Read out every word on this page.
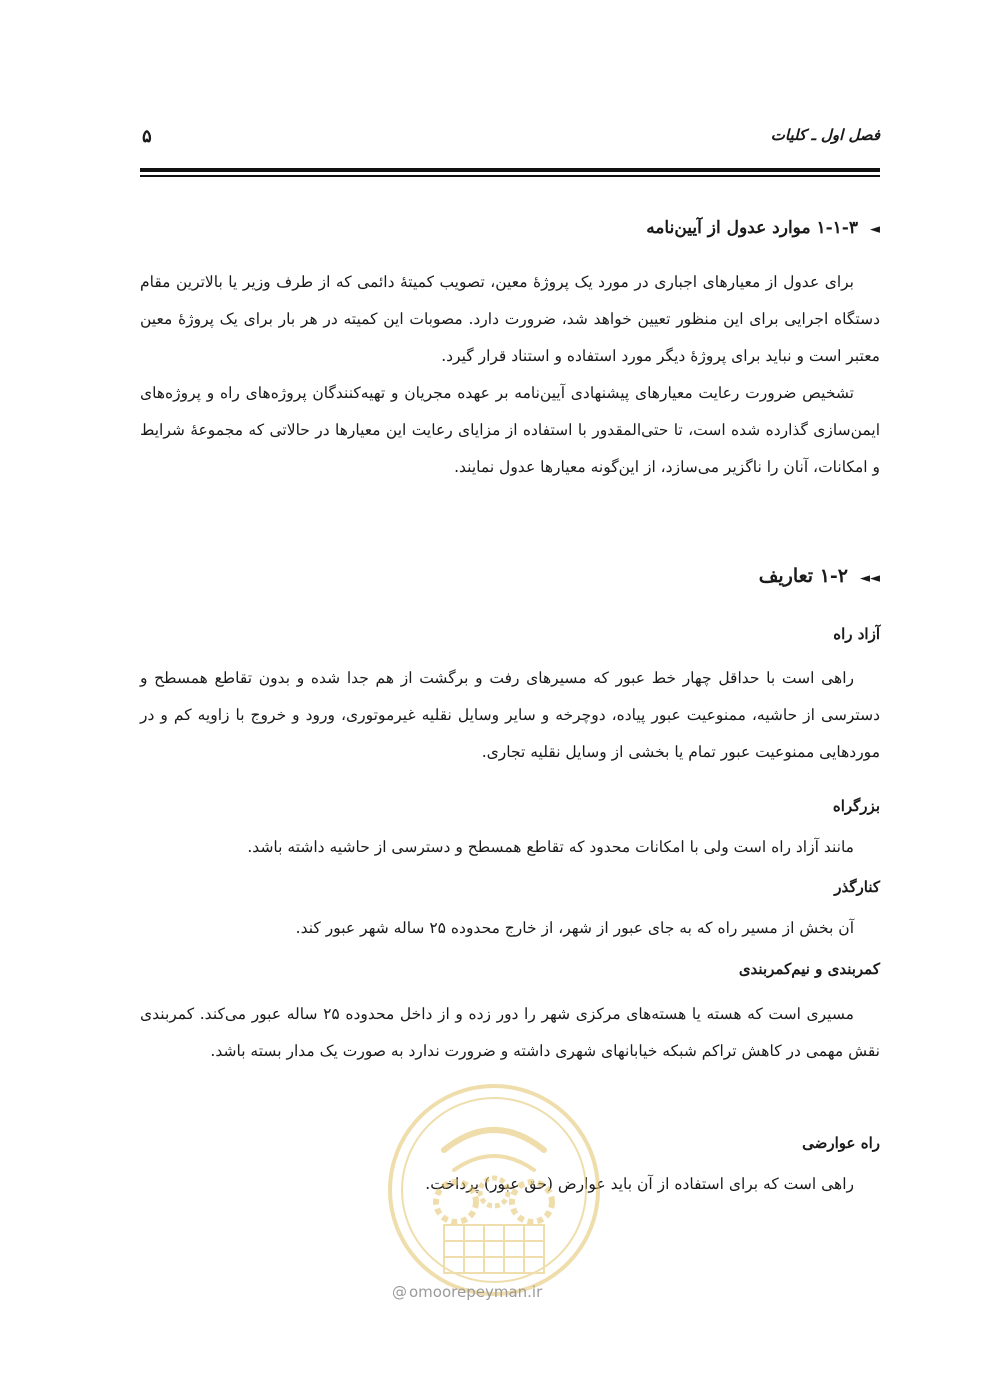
فصل اول ـ کلیات
۵
◄۱-۱-۳ موارد عدول از آیین‌نامه
برای عدول از معیارهای اجباری در مورد یک پروژهٔ معین، تصویب کمیتهٔ دائمی که از طرف وزیر یا بالاترین مقام دستگاه اجرایی برای این منظور تعیین خواهد شد، ضرورت دارد. مصوبات این کمیته در هر بار برای یک پروژهٔ معین معتبر است و نباید برای پروژهٔ دیگر مورد استفاده و استناد قرار گیرد.
تشخیص ضرورت رعایت معیارهای پیشنهادی آیین‌نامه بر عهده مجریان و تهیه‌کنندگان پروژه‌های راه و پروژه‌های ایمن‌سازی گذارده شده است، تا حتی‌المقدور با استفاده از مزایای رعایت این معیارها در حالاتی که مجموعهٔ شرایط و امکانات، آنان را ناگزیر می‌سازد، از این‌گونه معیارها عدول نمایند.
◄◄۱-۲ تعاریف
آزاد راه
راهی است با حداقل چهار خط عبور که مسیرهای رفت و برگشت از هم جدا شده و بدون تقاطع همسطح و دسترسی از حاشیه، ممنوعیت عبور پیاده، دوچرخه و سایر وسایل نقلیه غیرموتوری، ورود و خروج با زاویه کم و در موردهایی ممنوعیت عبور تمام یا بخشی از وسایل نقلیه تجاری.
بزرگراه
مانند آزاد راه است ولی با امکانات محدود که تقاطع همسطح و دسترسی از حاشیه داشته باشد.
کنارگذر
آن بخش از مسیر راه که به جای عبور از شهر، از خارج محدوده ۲۵ ساله شهر عبور کند.
کمربندی و نیم‌کمربندی
مسیری است که هسته یا هسته‌های مرکزی شهر را دور زده و از داخل محدوده ۲۵ ساله عبور می‌کند. کمربندی نقش مهمی در کاهش تراکم شبکه خیابانهای شهری داشته و ضرورت ندارد به صورت یک مدار بسته باشد.
راه عوارضی
راهی است که برای استفاده از آن باید عوارض (حق عبور) پرداخت.
@ omoorepeyman.ir
